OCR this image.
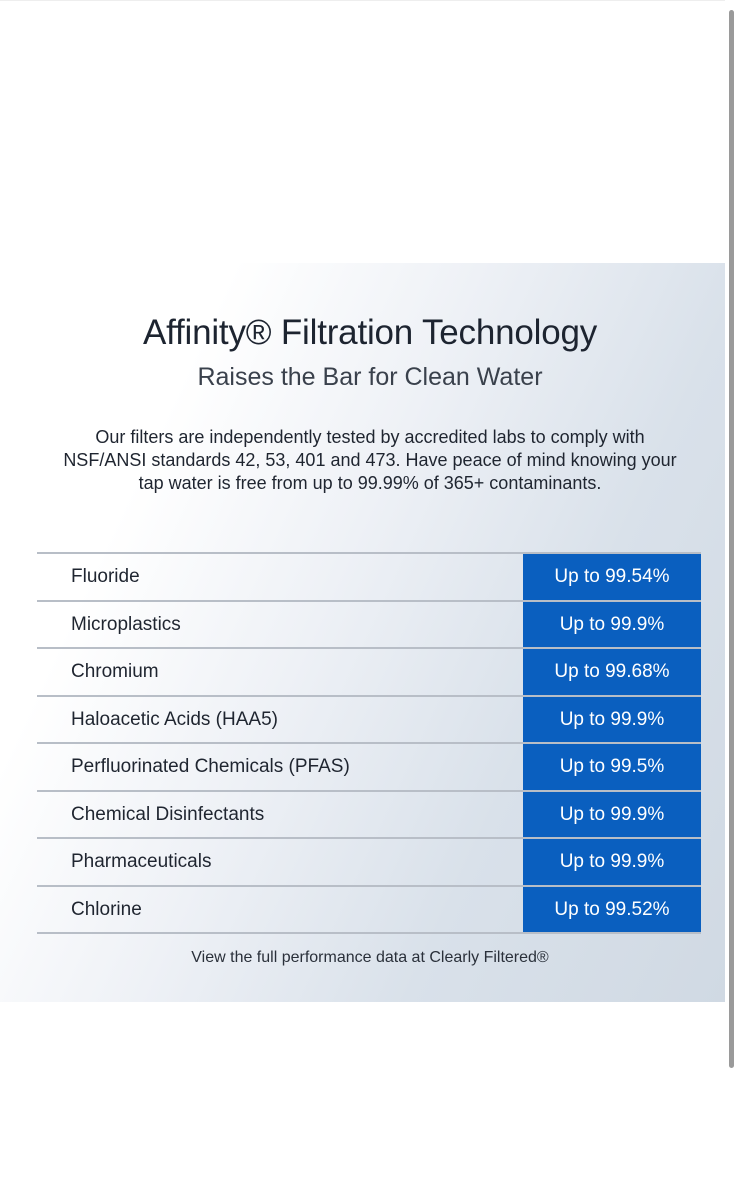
Affinity® Filtration Technology
Raises the Bar for Clean Water
Our filters are independently tested by accredited labs to comply with NSF/ANSI standards 42, 53, 401 and 473. Have peace of mind knowing your tap water is free from up to 99.99% of 365+ contaminants.
Fluoride	Up to 99.54%
Microplastics	Up to 99.9%
Chromium	Up to 99.68%
Haloacetic Acids (HAA5)	Up to 99.9%
Perfluorinated Chemicals (PFAS)	Up to 99.5%
Chemical Disinfectants	Up to 99.9%
Pharmaceuticals	Up to 99.9%
Chlorine	Up to 99.52%
View the full performance data at Clearly Filtered®
